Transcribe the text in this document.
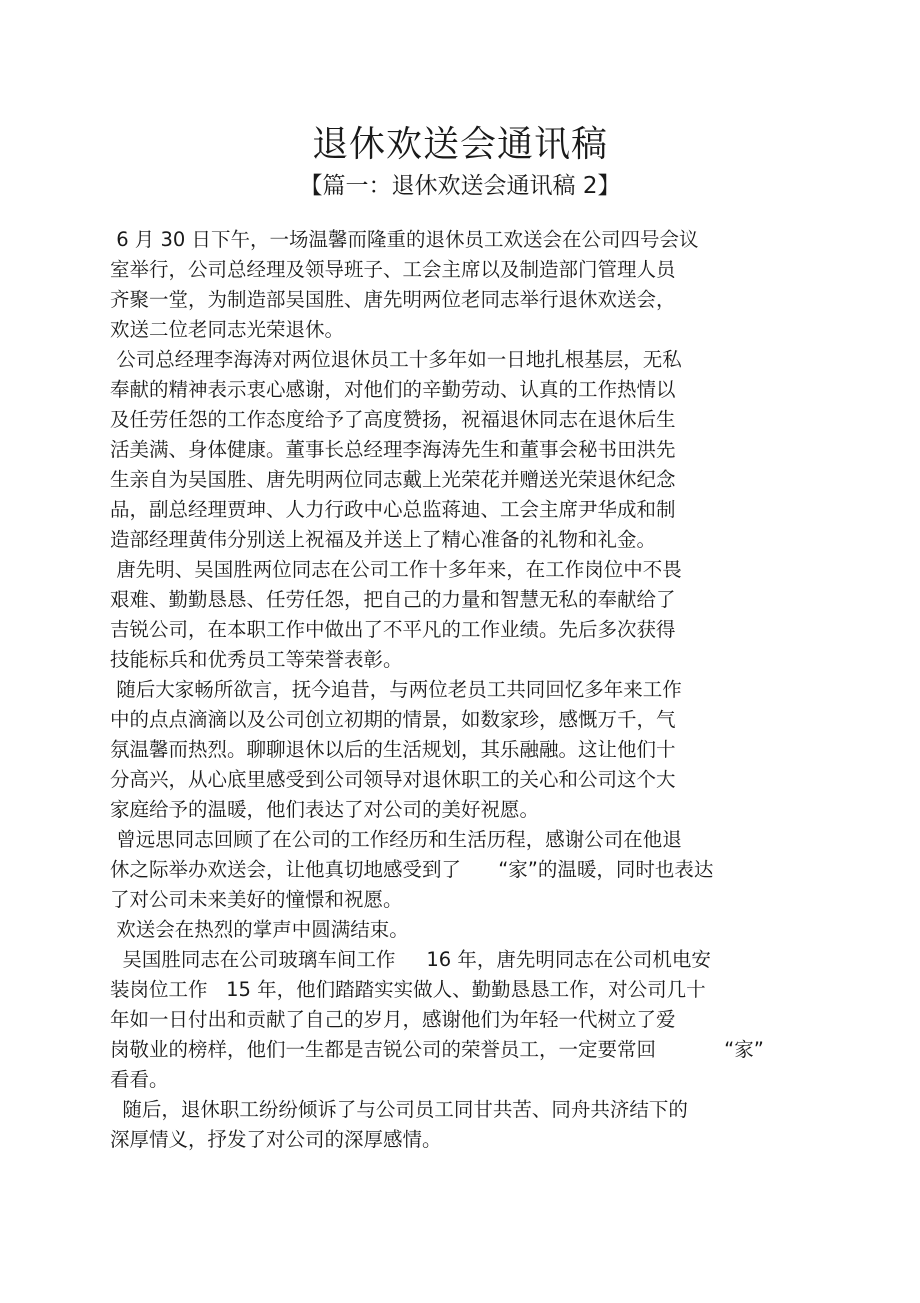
退休欢送会通讯稿
【篇一：退休欢送会通讯稿 2】
6 月 30 日下午，一场温馨而隆重的退休员工欢送会在公司四号会议
室举行，公司总经理及领导班子、工会主席以及制造部门管理人员
齐聚一堂，为制造部吴国胜、唐先明两位老同志举行退休欢送会，
欢送二位老同志光荣退休。
公司总经理李海涛对两位退休员工十多年如一日地扎根基层，无私
奉献的精神表示衷心感谢，对他们的辛勤劳动、认真的工作热情以
及任劳任怨的工作态度给予了高度赞扬，祝福退休同志在退休后生
活美满、身体健康。董事长总经理李海涛先生和董事会秘书田洪先
生亲自为吴国胜、唐先明两位同志戴上光荣花并赠送光荣退休纪念
品，副总经理贾珅、人力行政中心总监蒋迪、工会主席尹华成和制
造部经理黄伟分别送上祝福及并送上了精心准备的礼物和礼金。
唐先明、吴国胜两位同志在公司工作十多年来，在工作岗位中不畏
艰难、勤勤恳恳、任劳任怨，把自己的力量和智慧无私的奉献给了
吉锐公司，在本职工作中做出了不平凡的工作业绩。先后多次获得
技能标兵和优秀员工等荣誉表彰。
随后大家畅所欲言，抚今追昔，与两位老员工共同回忆多年来工作
中的点点滴滴以及公司创立初期的情景，如数家珍，感慨万千，气
氛温馨而热烈。聊聊退休以后的生活规划，其乐融融。这让他们十
分高兴，从心底里感受到公司领导对退休职工的关心和公司这个大
家庭给予的温暖，他们表达了对公司的美好祝愿。
曾远思同志回顾了在公司的工作经历和生活历程，感谢公司在他退
休之际举办欢送会，让他真切地感受到了      “家”的温暖，同时也表达
了对公司未来美好的憧憬和祝愿。
欢送会在热烈的掌声中圆满结束。
吴国胜同志在公司玻璃车间工作     16 年，唐先明同志在公司机电安
装岗位工作   15 年，他们踏踏实实做人、勤勤恳恳工作，对公司几十
年如一日付出和贡献了自己的岁月，感谢他们为年轻一代树立了爱
岗敬业的榜样，他们一生都是吉锐公司的荣誉员工，一定要常回           “家”
看看。
随后，退休职工纷纷倾诉了与公司员工同甘共苦、同舟共济结下的
深厚情义，抒发了对公司的深厚感情。
